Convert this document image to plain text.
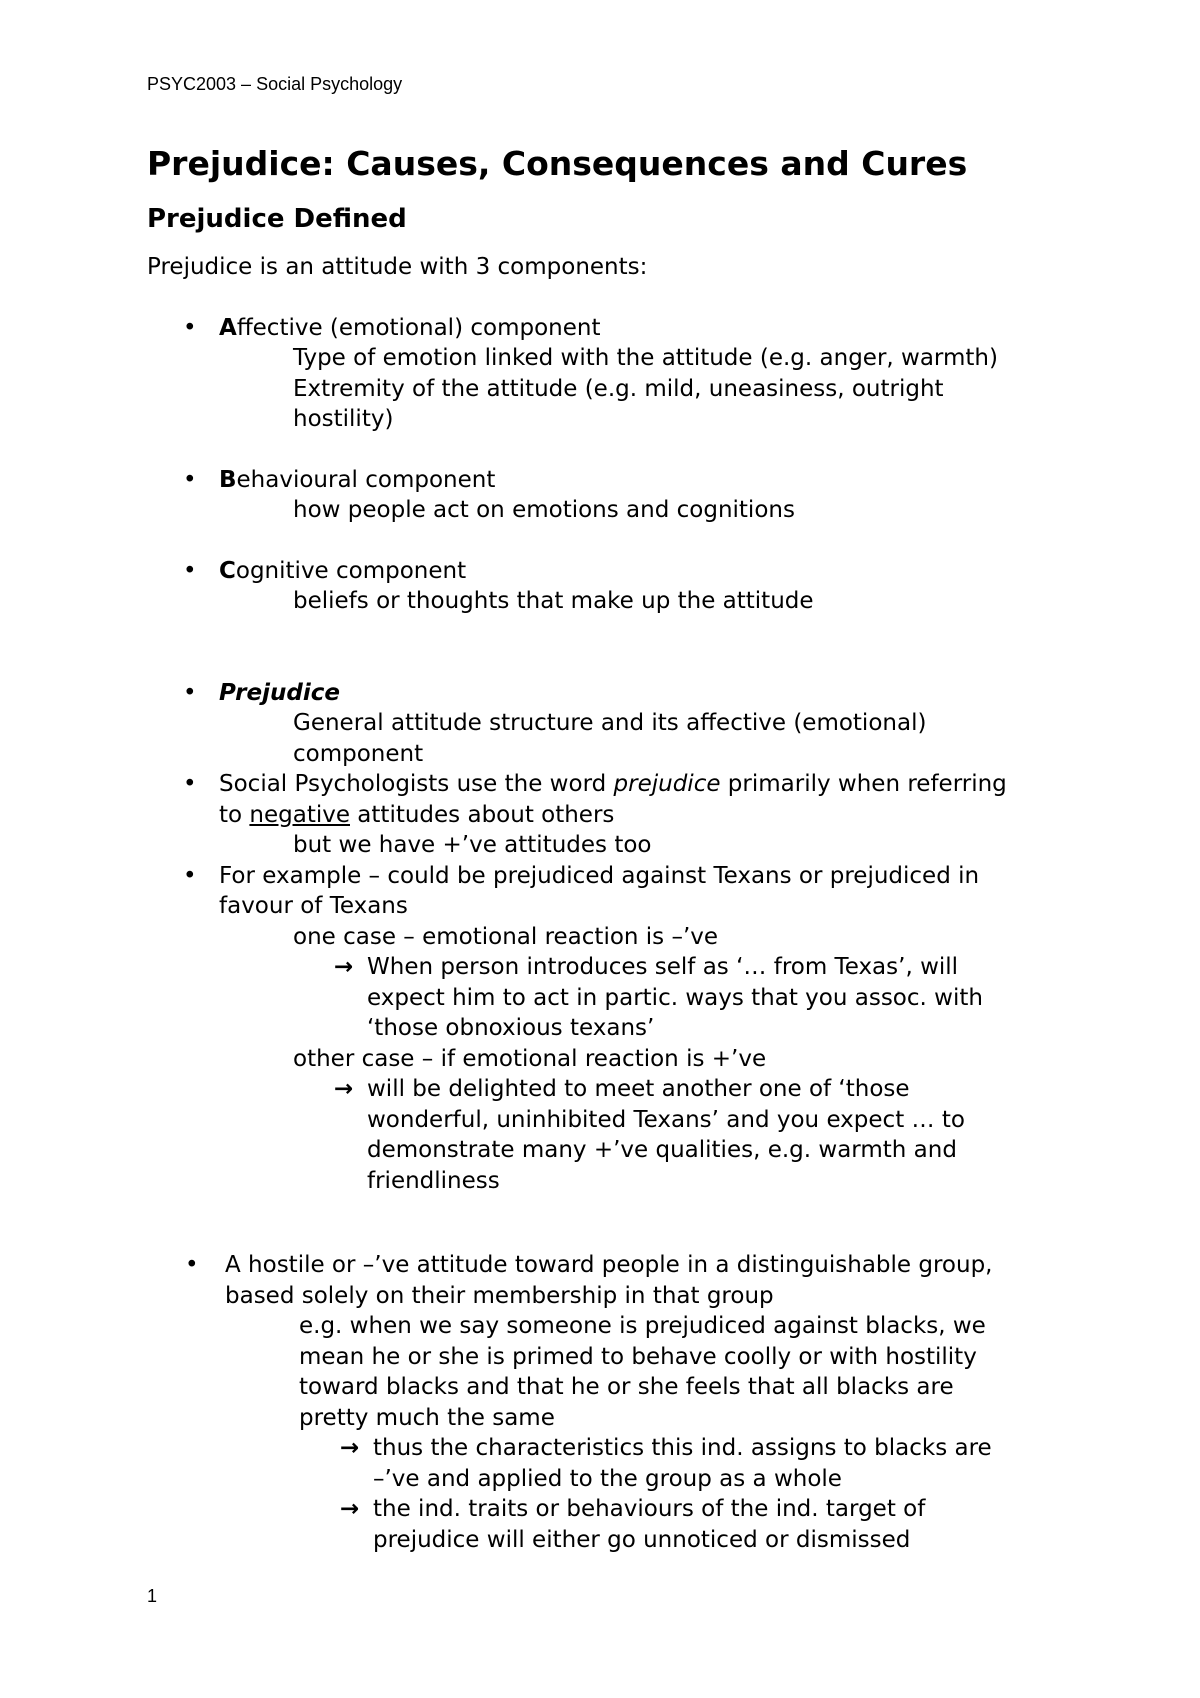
PSYC2003 – Social Psychology
Prejudice: Causes, Consequences and Cures
Prejudice Defined

Prejudice is an attitude with 3 components:

• Affective (emotional) component

Type of emotion linked with the attitude (e.g. anger, warmth)

Extremity of the attitude (e.g. mild, uneasiness, outright

hostility)

• Behavioural component

how people act on emotions and cognitions

• Cognitive component

beliefs or thoughts that make up the attitude

• Prejudice

General attitude structure and its affective (emotional)

component

• Social Psychologists use the word prejudice primarily when referring

to negative attitudes about others

but we have +’ve attitudes too

• For example – could be prejudiced against Texans or prejudiced in

favour of Texans

one case – emotional reaction is –’ve

→ When person introduces self as ‘… from Texas’, will

expect him to act in partic. ways that you assoc. with

‘those obnoxious texans’

other case – if emotional reaction is +’ve

→ will be delighted to meet another one of ‘those

wonderful, uninhibited Texans’ and you expect … to

demonstrate many +’ve qualities, e.g. warmth and

friendliness

• A hostile or –’ve attitude toward people in a distinguishable group,

based solely on their membership in that group

e.g. when we say someone is prejudiced against blacks, we

mean he or she is primed to behave coolly or with hostility

toward blacks and that he or she feels that all blacks are

pretty much the same

→ thus the characteristics this ind. assigns to blacks are

–’ve and applied to the group as a whole

→ the ind. traits or behaviours of the ind. target of

prejudice will either go unnoticed or dismissed

1
